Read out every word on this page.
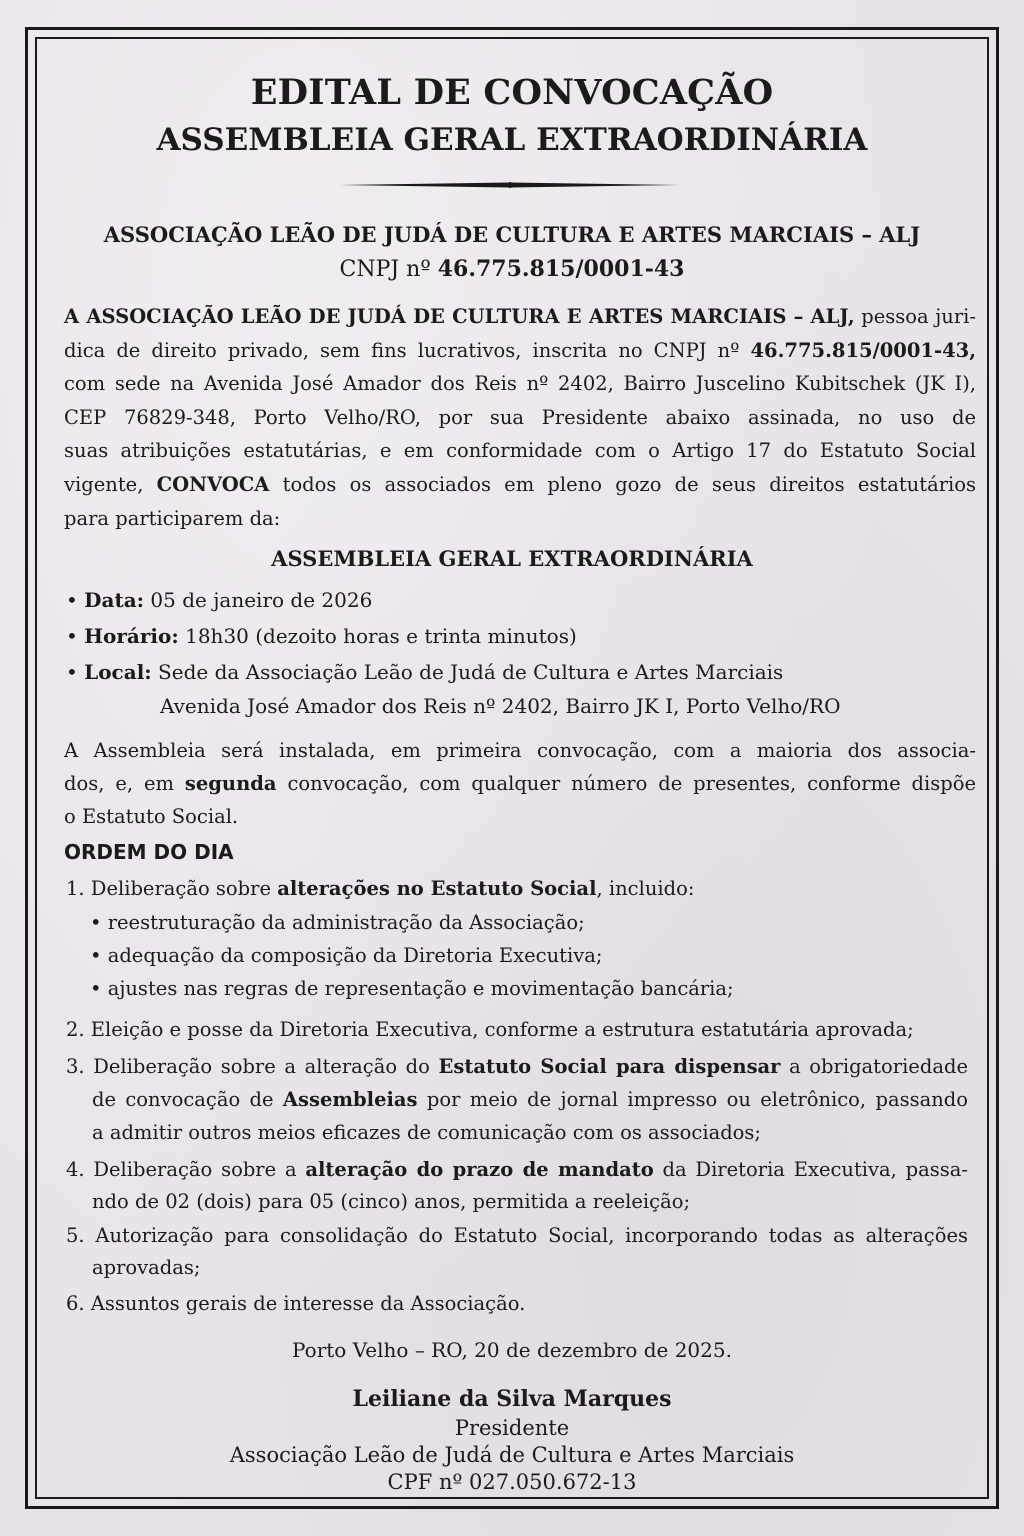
EDITAL DE CONVOCAÇÃO
ASSEMBLEIA GERAL EXTRAORDINÁRIA
ASSOCIAÇÃO LEÃO DE JUDÁ DE CULTURA E ARTES MARCIAIS – ALJ
CNPJ nº 46.775.815/0001-43
A ASSOCIAÇÃO LEÃO DE JUDÁ DE CULTURA E ARTES MARCIAIS – ALJ, pessoa juri-
dica de direito privado, sem fins lucrativos, inscrita no CNPJ nº 46.775.815/0001-43,
com sede na Avenida José Amador dos Reis nº 2402, Bairro Juscelino Kubitschek (JK I),
CEP 76829-348, Porto Velho/RO, por sua Presidente abaixo assinada, no uso de
suas atribuições estatutárias, e em conformidade com o Artigo 17 do Estatuto Social
vigente, CONVOCA todos os associados em pleno gozo de seus direitos estatutários
para participarem da:
ASSEMBLEIA GERAL EXTRAORDINÁRIA
• Data: 05 de janeiro de 2026
• Horário: 18h30 (dezoito horas e trinta minutos)
• Local: Sede da Associação Leão de Judá de Cultura e Artes Marciais
Avenida José Amador dos Reis nº 2402, Bairro JK I, Porto Velho/RO
A Assembleia será instalada, em primeira convocação, com a maioria dos associa-
dos, e, em segunda convocação, com qualquer número de presentes, conforme dispõe
o Estatuto Social.
ORDEM DO DIA
1. Deliberação sobre alterações no Estatuto Social, incluido:
• reestruturação da administração da Associação;
• adequação da composição da Diretoria Executiva;
• ajustes nas regras de representação e movimentação bancária;
2. Eleição e posse da Diretoria Executiva, conforme a estrutura estatutária aprovada;
3. Deliberação sobre a alteração do Estatuto Social para dispensar a obrigatoriedade
de convocação de Assembleias por meio de jornal impresso ou eletrônico, passando
a admitir outros meios eficazes de comunicação com os associados;
4. Deliberação sobre a alteração do prazo de mandato da Diretoria Executiva, passa-
ndo de 02 (dois) para 05 (cinco) anos, permitida a reeleição;
5. Autorização para consolidação do Estatuto Social, incorporando todas as alterações
aprovadas;
6. Assuntos gerais de interesse da Associação.
Porto Velho – RO, 20 de dezembro de 2025.
Leiliane da Silva Marques
Presidente
Associação Leão de Judá de Cultura e Artes Marciais
CPF nº 027.050.672-13
